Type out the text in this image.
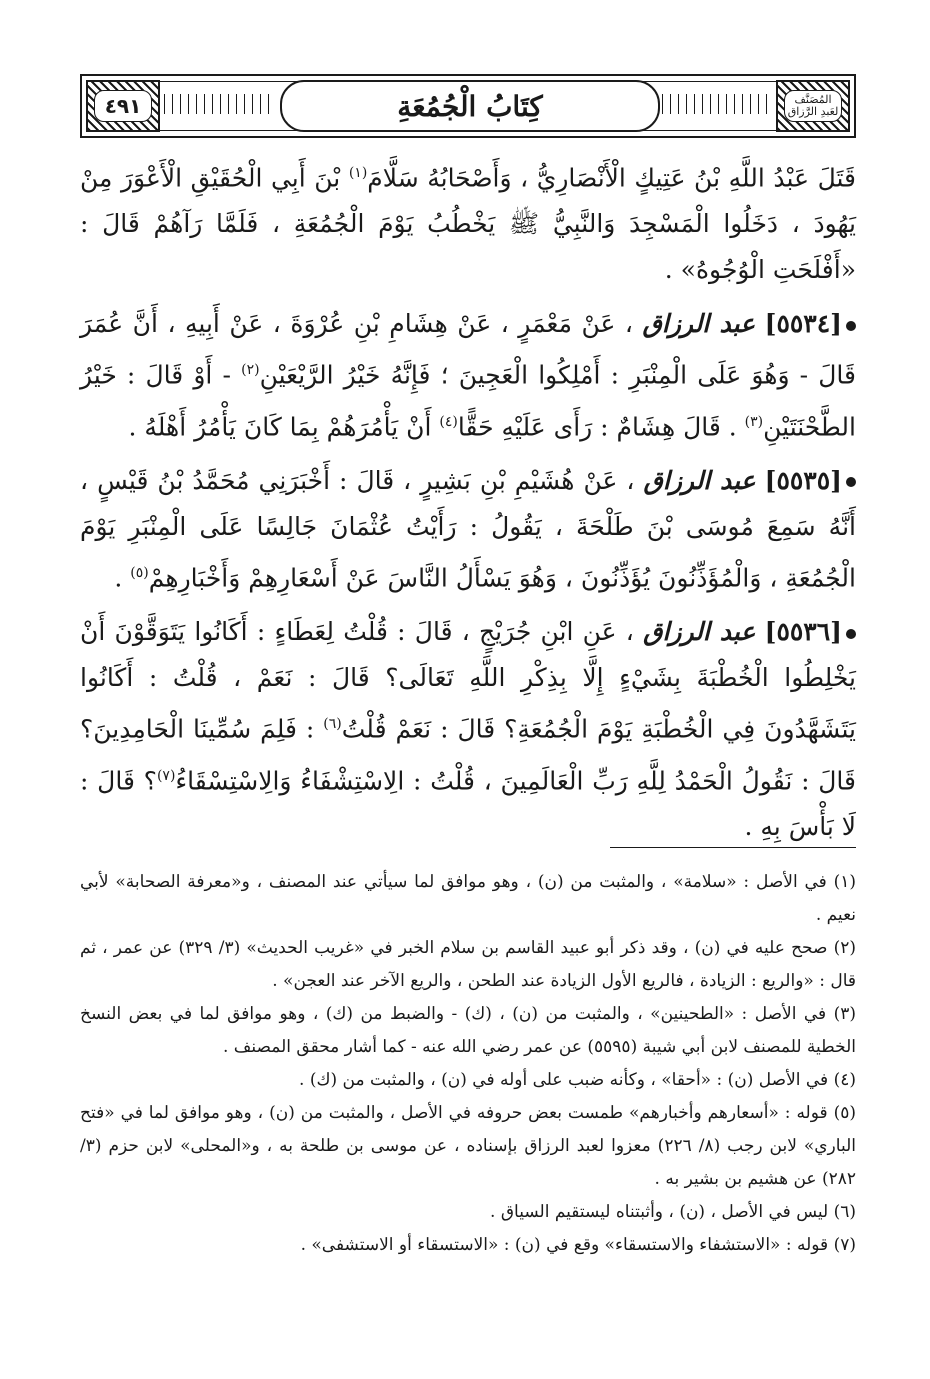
٤٩١	كِتَابُ الْجُمُعَةِ	المُصَنَّف
لعَبدِ الرَّزاق

قَتَلَ عَبْدُ اللَّهِ بْنُ عَتِيكٍ الْأَنْصَارِيُّ ، وَأَصْحَابُهُ سَلَّامَ$^{(١)}$ بْنَ أَبِي الْحُقَيْقِ الْأَعْوَرَ مِنْ يَهُودَ ، دَخَلُوا الْمَسْجِدَ وَالنَّبِيُّ ﷺ يَخْطُبُ يَوْمَ الْجُمُعَةِ ، فَلَمَّا رَآهُمْ قَالَ : «أَفْلَحَتِ الْوُجُوهُ» .

[٥٥٣٤] عبد الرزاق ، عَنْ مَعْمَرٍ ، عَنْ هِشَامِ بْنِ عُرْوَةَ ، عَنْ أَبِيهِ ، أَنَّ عُمَرَ قَالَ - وَهُوَ عَلَى الْمِنْبَرِ : أَمْلِكُوا الْعَجِينَ ؛ فَإِنَّهُ خَيْرُ الرَّيْعَيْنِ$^{(٢)}$ - أَوْ قَالَ : خَيْرُ الطَّحْنَتَيْنِ$^{(٣)}$ . قَالَ هِشَامٌ : رَأَى عَلَيْهِ حَقًّا$^{(٤)}$ أَنْ يَأْمُرَهُمْ بِمَا كَانَ يَأْمُرُ أَهْلَهُ .

[٥٥٣٥] عبد الرزاق ، عَنْ هُشَيْمِ بْنِ بَشِيرٍ ، قَالَ : أَخْبَرَنِي مُحَمَّدُ بْنُ قَيْسٍ ، أَنَّهُ سَمِعَ مُوسَى بْنَ طَلْحَةَ ، يَقُولُ : رَأَيْتُ عُثْمَانَ جَالِسًا عَلَى الْمِنْبَرِ يَوْمَ الْجُمُعَةِ ، وَالْمُؤَذِّنُونَ يُؤَذِّنُونَ ، وَهُوَ يَسْأَلُ النَّاسَ عَنْ أَسْعَارِهِمْ وَأَخْبَارِهِمْ$^{(٥)}$ .

[٥٥٣٦] عبد الرزاق ، عَنِ ابْنِ جُرَيْجٍ ، قَالَ : قُلْتُ لِعَطَاءٍ : أَكَانُوا يَتَوَقَّوْنَ أَنْ يَخْلِطُوا الْخُطْبَةَ بِشَيْءٍ إِلَّا بِذِكْرِ اللَّهِ تَعَالَى؟ قَالَ : نَعَمْ ، قُلْتُ : أَكَانُوا يَتَشَهَّدُونَ فِي الْخُطْبَةِ يَوْمَ الْجُمُعَةِ؟ قَالَ : نَعَمْ قُلْتُ$^{(٦)}$ : فَلِمَ سُمِّينَا الْحَامِدِينَ؟ قَالَ : نَقُولُ الْحَمْدُ لِلَّهِ رَبِّ الْعَالَمِينَ ، قُلْتُ : الِاسْتِشْفَاءُ وَالِاسْتِسْقَاءُ$^{(٧)}$؟ قَالَ : لَا بَأْسَ بِهِ .

(١) في الأصل : «سلامة» ، والمثبت من (ن) ، وهو موافق لما سيأتي عند المصنف ، و«معرفة الصحابة» لأبي نعيم .

(٢) صحح عليه في (ن) ، وقد ذكر أبو عبيد القاسم بن سلام الخبر في «غريب الحديث» (٣/ ٣٢٩) عن عمر ، ثم قال : «والريع : الزيادة ، فالريع الأول الزيادة عند الطحن ، والريع الآخر عند العجن» .

(٣) في الأصل : «الطحينين» ، والمثبت من (ن) ، (ك) - والضبط من (ك) ، وهو موافق لما في بعض النسخ الخطية للمصنف لابن أبي شيبة (٥٥٩٥) عن عمر رضي الله عنه - كما أشار محقق المصنف .

(٤) في الأصل (ن) : «أحقا» ، وكأنه ضبب على أوله في (ن) ، والمثبت من (ك) .

(٥) قوله : «أسعارهم وأخبارهم» طمست بعض حروفه في الأصل ، والمثبت من (ن) ، وهو موافق لما في «فتح الباري» لابن رجب (٨/ ٢٢٦) معزوا لعبد الرزاق بإسناده ، عن موسى بن طلحة به ، و«المحلى» لابن حزم (٣/ ٢٨٢) عن هشيم بن بشير به .

(٦) ليس في الأصل ، (ن) ، وأثبتناه ليستقيم السياق .

(٧) قوله : «الاستشفاء والاستسقاء» وقع في (ن) : «الاستسقاء أو الاستشفى» .
